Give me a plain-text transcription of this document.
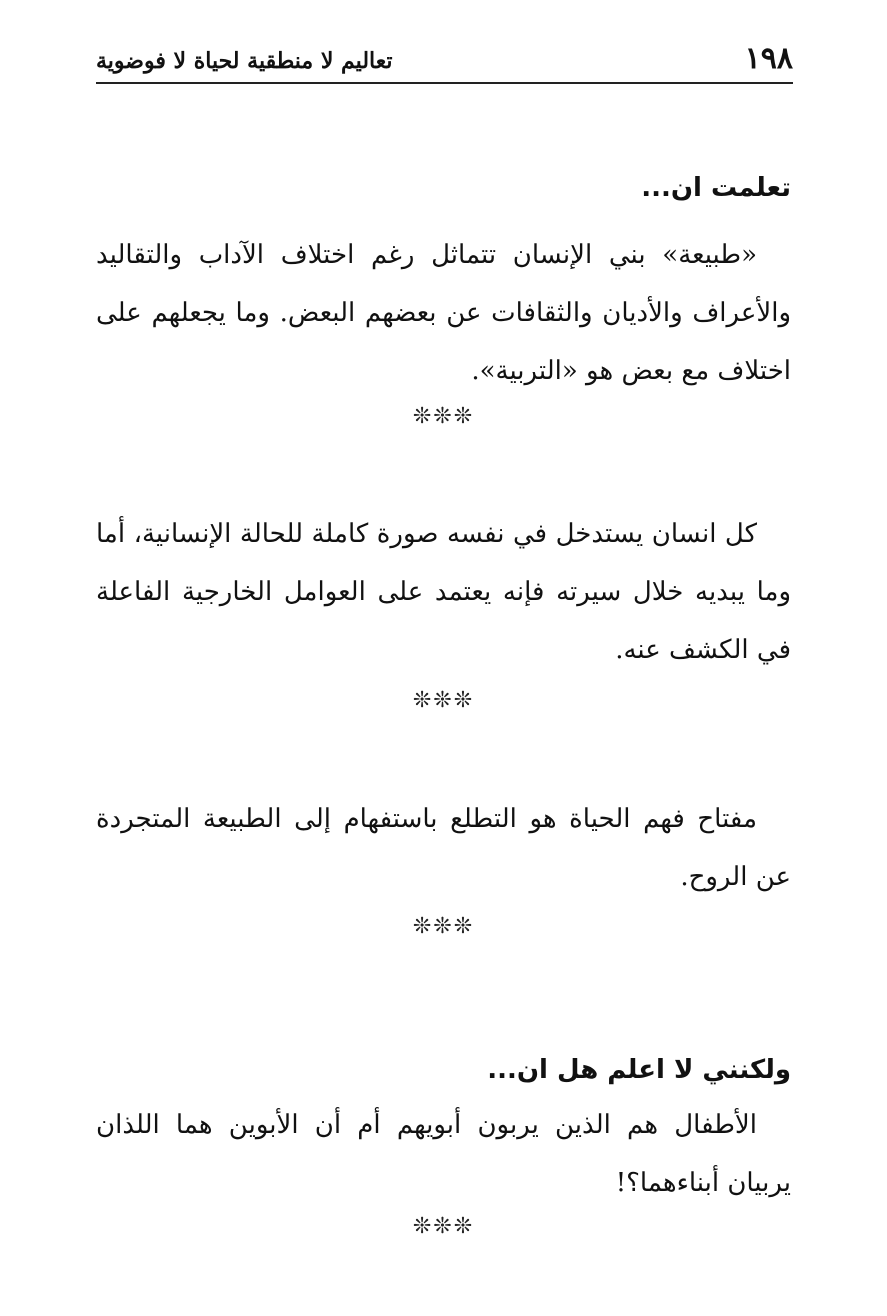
١٩٨
تعاليم لا منطقية لحياة لا فوضوية
تعلمت ان...

«طبيعة» بني الإنسان تتماثل رغم اختلاف الآداب والتقاليد والأعراف والأديان والثقافات عن بعضهم البعض. وما يجعلهم على اختلاف مع بعض هو «التربية».

❊❊❊

كل انسان يستدخل في نفسه صورة كاملة للحالة الإنسانية، أما وما يبديه خلال سيرته فإنه يعتمد على العوامل الخارجية الفاعلة في الكشف عنه.

❊❊❊

مفتاح فهم الحياة هو التطلع باستفهام إلى الطبيعة المتجردة عن الروح.

❊❊❊
ولكنني لا اعلم هل ان...

الأطفال هم الذين يربون أبويهم أم أن الأبوين هما اللذان يربيان أبناءهما؟!

❊❊❊
